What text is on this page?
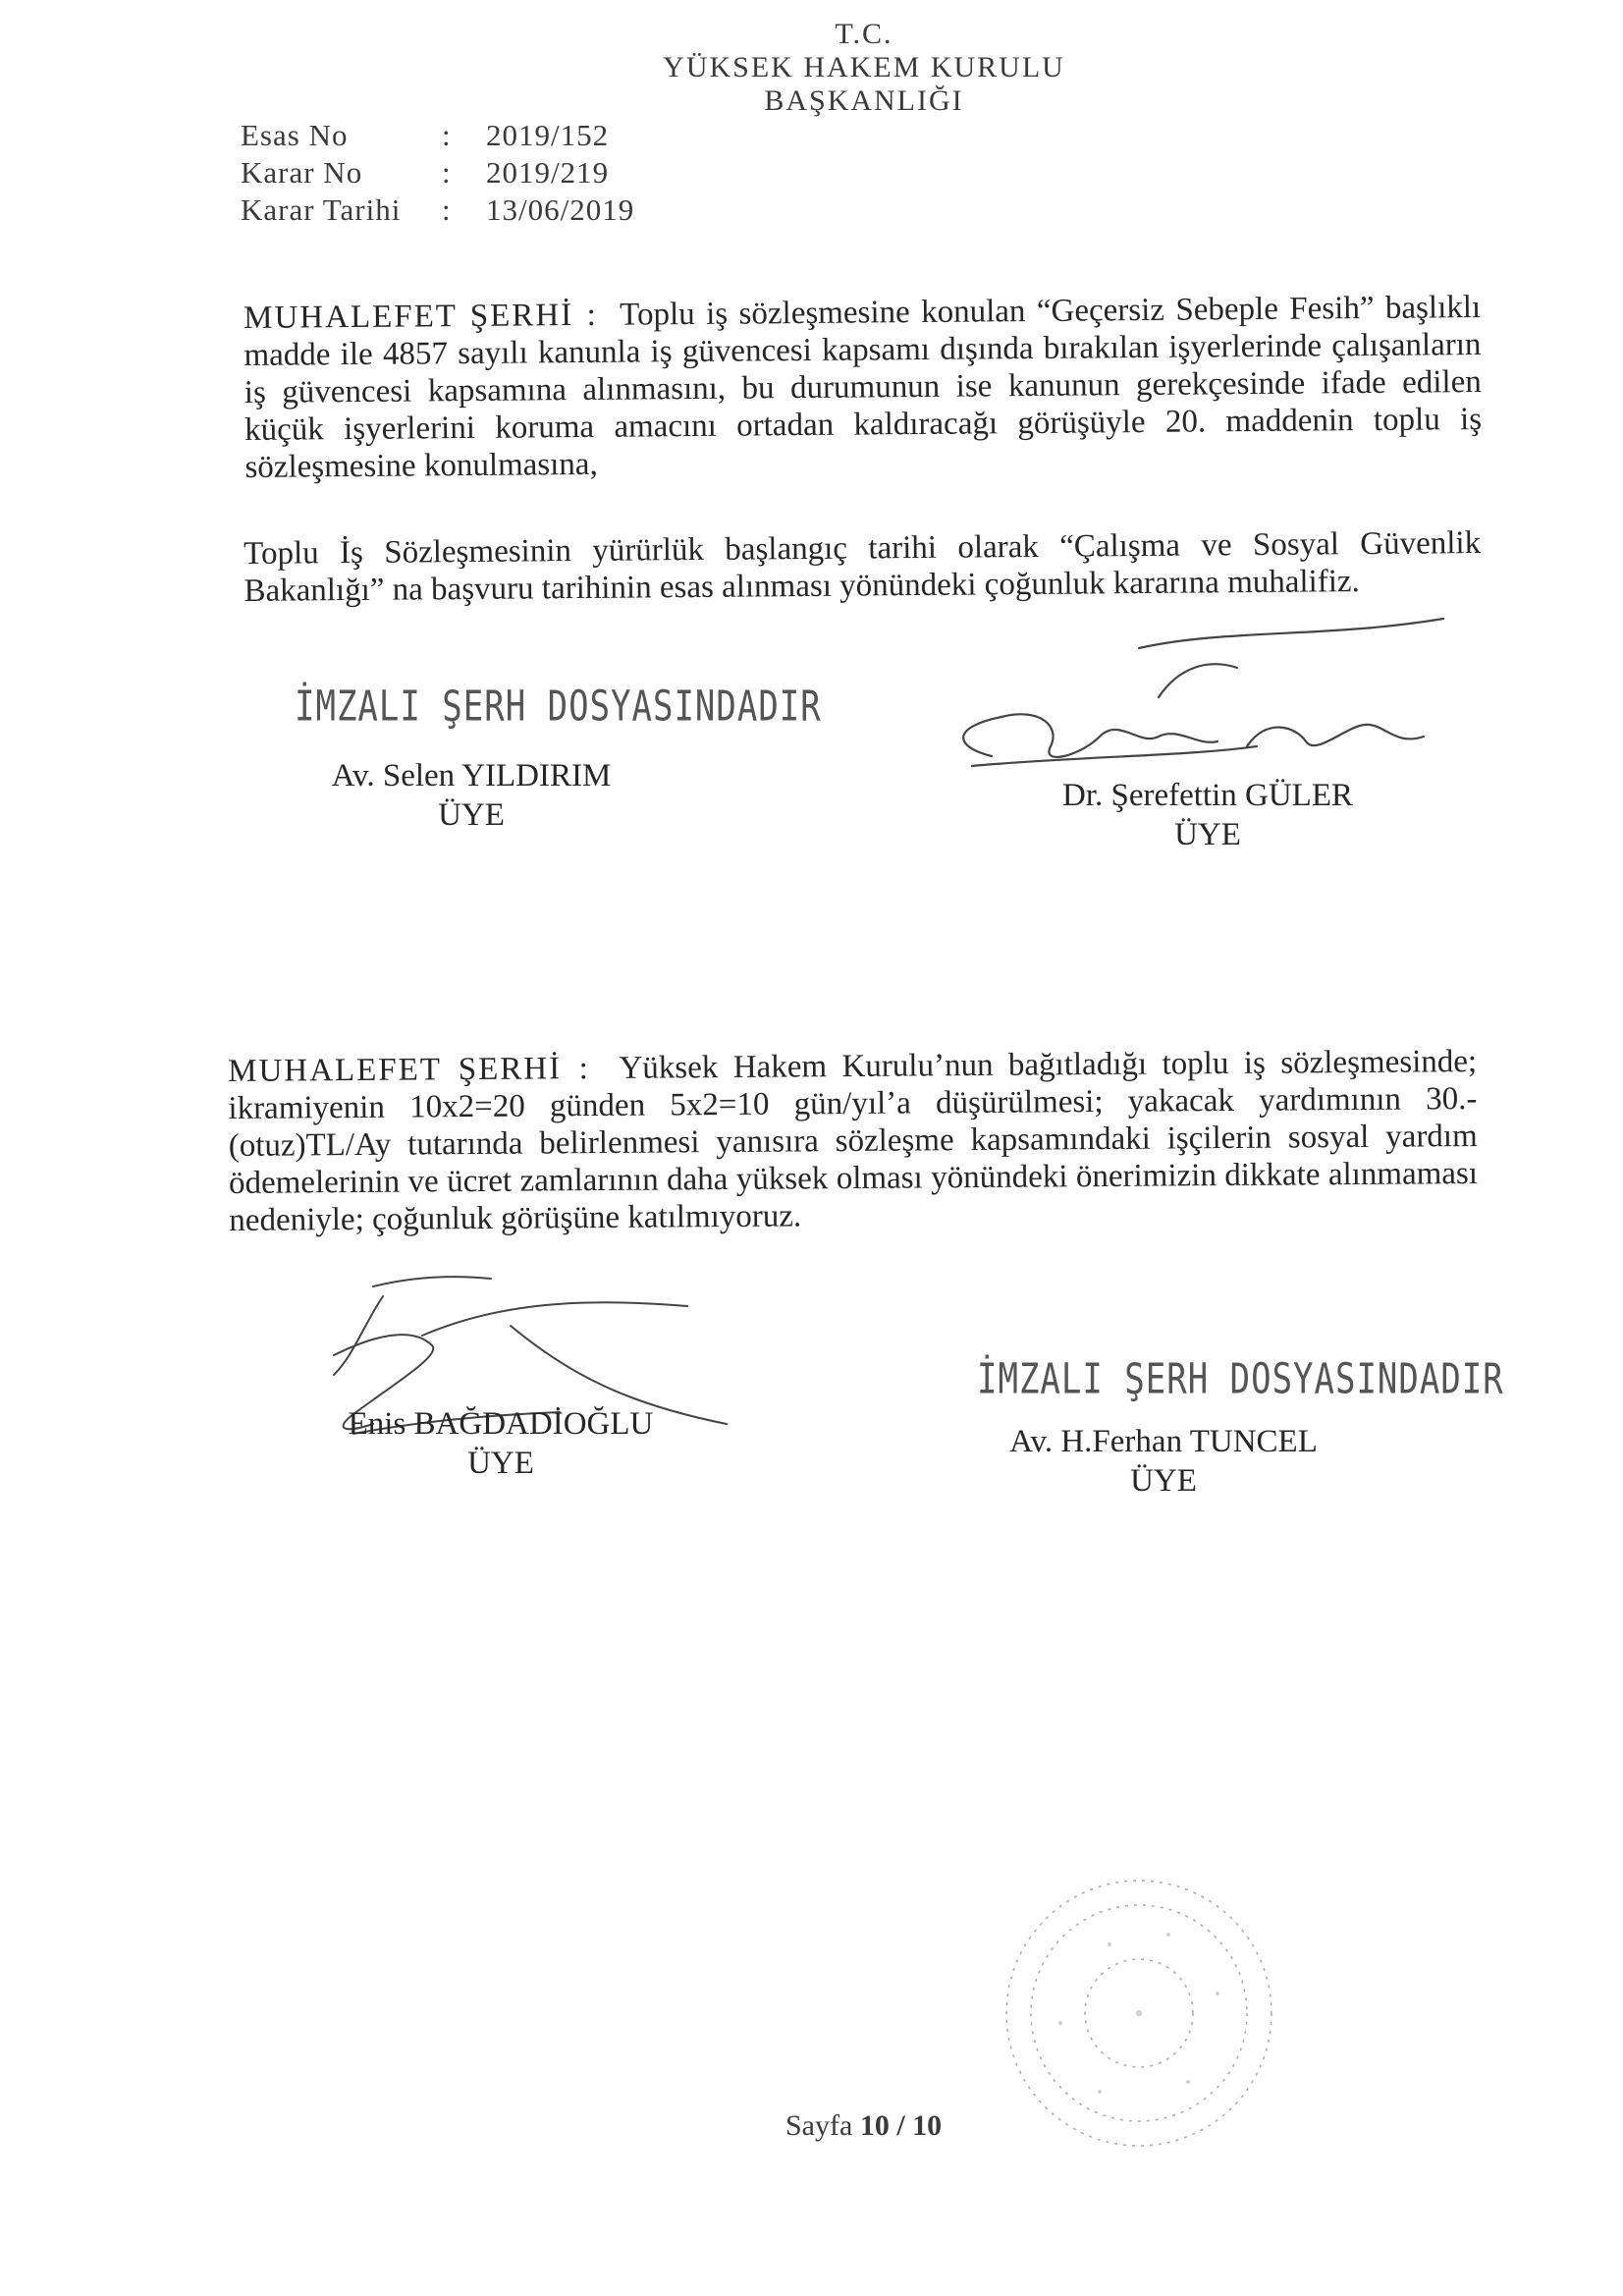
T.C.
YÜKSEK HAKEM KURULU
BAŞKANLIĞI
Esas No	: 2019/152
Karar No	: 2019/219
Karar Tarihi	: 13/06/2019
MUHALEFET ŞERHİ : Toplu iş sözleşmesine konulan “Geçersiz Sebeple Fesih” başlıklı madde ile 4857 sayılı kanunla iş güvencesi kapsamı dışında bırakılan işyerlerinde çalışanların iş güvencesi kapsamına alınmasını, bu durumunun ise kanunun gerekçesinde ifade edilen küçük işyerlerini koruma amacını ortadan kaldıracağı görüşüyle 20. maddenin toplu iş sözleşmesine konulmasına,
Toplu İş Sözleşmesinin yürürlük başlangıç tarihi olarak “Çalışma ve Sosyal Güvenlik Bakanlığı” na başvuru tarihinin esas alınması yönündeki çoğunluk kararına muhalifiz.
İMZALI ŞERH DOSYASINDADIR
Av. Selen YILDIRIM
ÜYE
Dr. Şerefettin GÜLER
ÜYE
MUHALEFET ŞERHİ : Yüksek Hakem Kurulu’nun bağıtladığı toplu iş sözleşmesinde; ikramiyenin 10x2=20 günden 5x2=10 gün/yıl’a düşürülmesi; yakacak yardımının 30.-(otuz)TL/Ay tutarında belirlenmesi yanısıra sözleşme kapsamındaki işçilerin sosyal yardım ödemelerinin ve ücret zamlarının daha yüksek olması yönündeki önerimizin dikkate alınmaması nedeniyle; çoğunluk görüşüne katılmıyoruz.
Enis BAĞDADİOĞLU
ÜYE
İMZALI ŞERH DOSYASINDADIR
Av. H.Ferhan TUNCEL
ÜYE
Sayfa 10 / 10
